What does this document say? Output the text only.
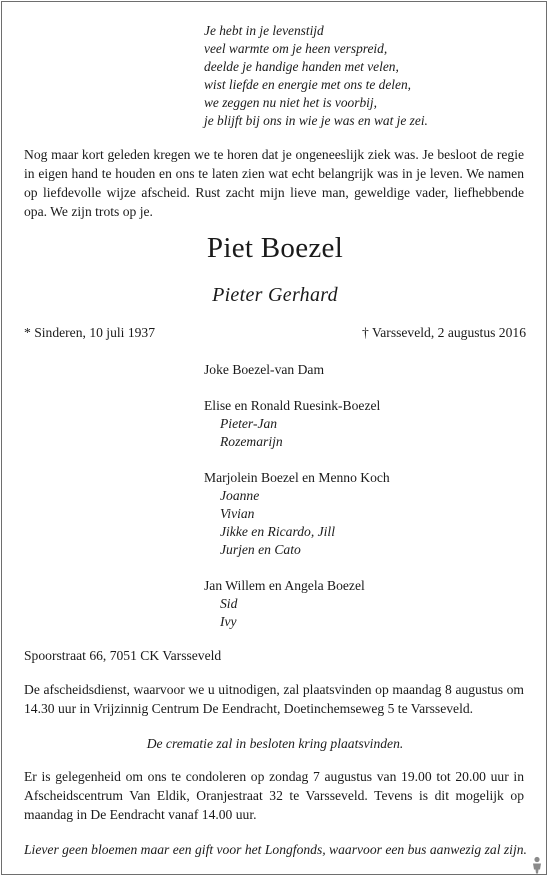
Je hebt in je levenstijd
veel warmte om je heen verspreid,
deelde je handige handen met velen,
wist liefde en energie met ons te delen,
we zeggen nu niet het is voorbij,
je blijft bij ons in wie je was en wat je zei.
Nog maar kort geleden kregen we te horen dat je ongeneeslijk ziek was. Je besloot de regie in eigen hand te houden en ons te laten zien wat echt belangrijk was in je leven. We namen op liefdevolle wijze afscheid. Rust zacht mijn lieve man, geweldige vader, liefhebbende opa. We zijn trots op je.
Piet Boezel
Pieter Gerhard
* Sinderen, 10 juli 1937	† Varsseveld, 2 augustus 2016
Joke Boezel-van Dam
Elise en Ronald Ruesink-Boezel
Pieter-Jan
Rozemarijn
Marjolein Boezel en Menno Koch
Joanne
Vivian
Jikke en Ricardo, Jill
Jurjen en Cato
Jan Willem en Angela Boezel
Sid
Ivy
Spoorstraat 66, 7051 CK Varsseveld
De afscheidsdienst, waarvoor we u uitnodigen, zal plaatsvinden op maandag 8 augustus om 14.30 uur in Vrijzinnig Centrum De Eendracht, Doetinchemseweg 5 te Varsseveld.
De crematie zal in besloten kring plaatsvinden.
Er is gelegenheid om ons te condoleren op zondag 7 augustus van 19.00 tot 20.00 uur in Afscheidscentrum Van Eldik, Oranjestraat 32 te Varsseveld. Tevens is dit mogelijk op maandag in De Eendracht vanaf 14.00 uur.
Liever geen bloemen maar een gift voor het Longfonds, waarvoor een bus aanwezig zal zijn.
